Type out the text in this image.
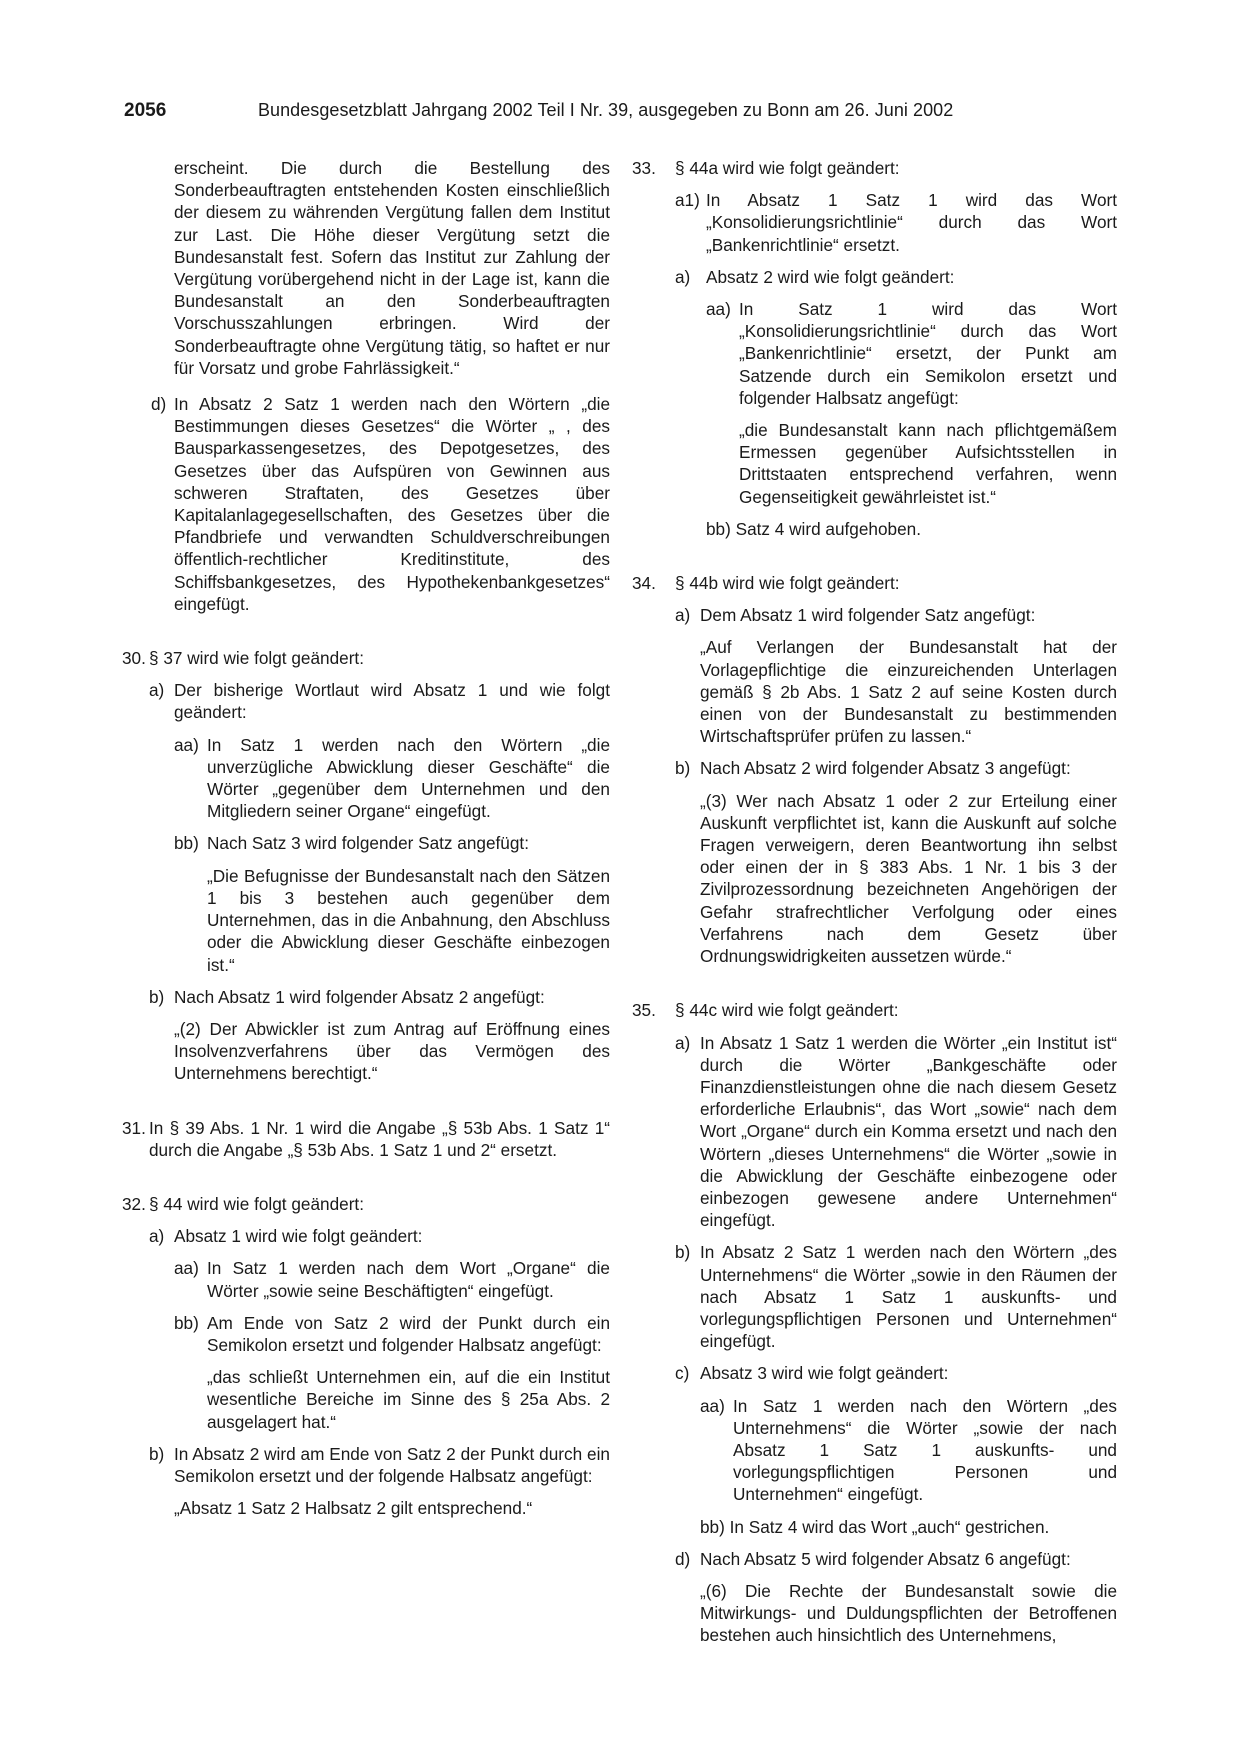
2056	Bundesgesetzblatt Jahrgang 2002 Teil I Nr. 39, ausgegeben zu Bonn am 26. Juni 2002
erscheint. Die durch die Bestellung des Sonderbeauftragten entstehenden Kosten einschließlich der diesem zu währenden Vergütung fallen dem Institut zur Last. Die Höhe dieser Vergütung setzt die Bundesanstalt fest. Sofern das Institut zur Zahlung der Vergütung vorübergehend nicht in der Lage ist, kann die Bundesanstalt an den Sonderbeauftragten Vorschusszahlungen erbringen. Wird der Sonderbeauftragte ohne Vergütung tätig, so haftet er nur für Vorsatz und grobe Fahrlässigkeit.“
d) In Absatz 2 Satz 1 werden nach den Wörtern „die Bestimmungen dieses Gesetzes“ die Wörter „ , des Bausparkassengesetzes, des Depotgesetzes, des Gesetzes über das Aufspüren von Gewinnen aus schweren Straftaten, des Gesetzes über Kapitalanlagegesellschaften, des Gesetzes über die Pfandbriefe und verwandten Schuldverschreibungen öffentlich-rechtlicher Kreditinstitute, des Schiffsbankgesetzes, des Hypothekenbankgesetzes“ eingefügt.
30. § 37 wird wie folgt geändert:
a) Der bisherige Wortlaut wird Absatz 1 und wie folgt geändert:
aa) In Satz 1 werden nach den Wörtern „die unverzügliche Abwicklung dieser Geschäfte“ die Wörter „gegenüber dem Unternehmen und den Mitgliedern seiner Organe“ eingefügt.
bb) Nach Satz 3 wird folgender Satz angefügt:
„Die Befugnisse der Bundesanstalt nach den Sätzen 1 bis 3 bestehen auch gegenüber dem Unternehmen, das in die Anbahnung, den Abschluss oder die Abwicklung dieser Geschäfte einbezogen ist.“
b) Nach Absatz 1 wird folgender Absatz 2 angefügt:
„(2) Der Abwickler ist zum Antrag auf Eröffnung eines Insolvenzverfahrens über das Vermögen des Unternehmens berechtigt.“
31. In § 39 Abs. 1 Nr. 1 wird die Angabe „§ 53b Abs. 1 Satz 1“ durch die Angabe „§ 53b Abs. 1 Satz 1 und 2“ ersetzt.
32. § 44 wird wie folgt geändert:
a) Absatz 1 wird wie folgt geändert:
aa) In Satz 1 werden nach dem Wort „Organe“ die Wörter „sowie seine Beschäftigten“ eingefügt.
bb) Am Ende von Satz 2 wird der Punkt durch ein Semikolon ersetzt und folgender Halbsatz angefügt:
„das schließt Unternehmen ein, auf die ein Institut wesentliche Bereiche im Sinne des § 25a Abs. 2 ausgelagert hat.“
b) In Absatz 2 wird am Ende von Satz 2 der Punkt durch ein Semikolon ersetzt und der folgende Halbsatz angefügt:
„Absatz 1 Satz 2 Halbsatz 2 gilt entsprechend.“
33. § 44a wird wie folgt geändert:
a1) In Absatz 1 Satz 1 wird das Wort „Konsolidierungsrichtlinie“ durch das Wort „Bankenrichtlinie“ ersetzt.
a) Absatz 2 wird wie folgt geändert:
aa) In Satz 1 wird das Wort „Konsolidierungsrichtlinie“ durch das Wort „Bankenrichtlinie“ ersetzt, der Punkt am Satzende durch ein Semikolon ersetzt und folgender Halbsatz angefügt:
„die Bundesanstalt kann nach pflichtgemäßem Ermessen gegenüber Aufsichtsstellen in Drittstaaten entsprechend verfahren, wenn Gegenseitigkeit gewährleistet ist.“
bb) Satz 4 wird aufgehoben.
34. § 44b wird wie folgt geändert:
a) Dem Absatz 1 wird folgender Satz angefügt:
„Auf Verlangen der Bundesanstalt hat der Vorlagepflichtige die einzureichenden Unterlagen gemäß § 2b Abs. 1 Satz 2 auf seine Kosten durch einen von der Bundesanstalt zu bestimmenden Wirtschaftsprüfer prüfen zu lassen.“
b) Nach Absatz 2 wird folgender Absatz 3 angefügt:
„(3) Wer nach Absatz 1 oder 2 zur Erteilung einer Auskunft verpflichtet ist, kann die Auskunft auf solche Fragen verweigern, deren Beantwortung ihn selbst oder einen der in § 383 Abs. 1 Nr. 1 bis 3 der Zivilprozessordnung bezeichneten Angehörigen der Gefahr strafrechtlicher Verfolgung oder eines Verfahrens nach dem Gesetz über Ordnungswidrigkeiten aussetzen würde.“
35. § 44c wird wie folgt geändert:
a) In Absatz 1 Satz 1 werden die Wörter „ein Institut ist“ durch die Wörter „Bankgeschäfte oder Finanzdienstleistungen ohne die nach diesem Gesetz erforderliche Erlaubnis“, das Wort „sowie“ nach dem Wort „Organe“ durch ein Komma ersetzt und nach den Wörtern „dieses Unternehmens“ die Wörter „sowie in die Abwicklung der Geschäfte einbezogene oder einbezogen gewesene andere Unternehmen“ eingefügt.
b) In Absatz 2 Satz 1 werden nach den Wörtern „des Unternehmens“ die Wörter „sowie in den Räumen der nach Absatz 1 Satz 1 auskunfts- und vorlegungspflichtigen Personen und Unternehmen“ eingefügt.
c) Absatz 3 wird wie folgt geändert:
aa) In Satz 1 werden nach den Wörtern „des Unternehmens“ die Wörter „sowie der nach Absatz 1 Satz 1 auskunfts- und vorlegungspflichtigen Personen und Unternehmen“ eingefügt.
bb) In Satz 4 wird das Wort „auch“ gestrichen.
d) Nach Absatz 5 wird folgender Absatz 6 angefügt:
„(6) Die Rechte der Bundesanstalt sowie die Mitwirkungs- und Duldungspflichten der Betroffenen bestehen auch hinsichtlich des Unternehmens,
